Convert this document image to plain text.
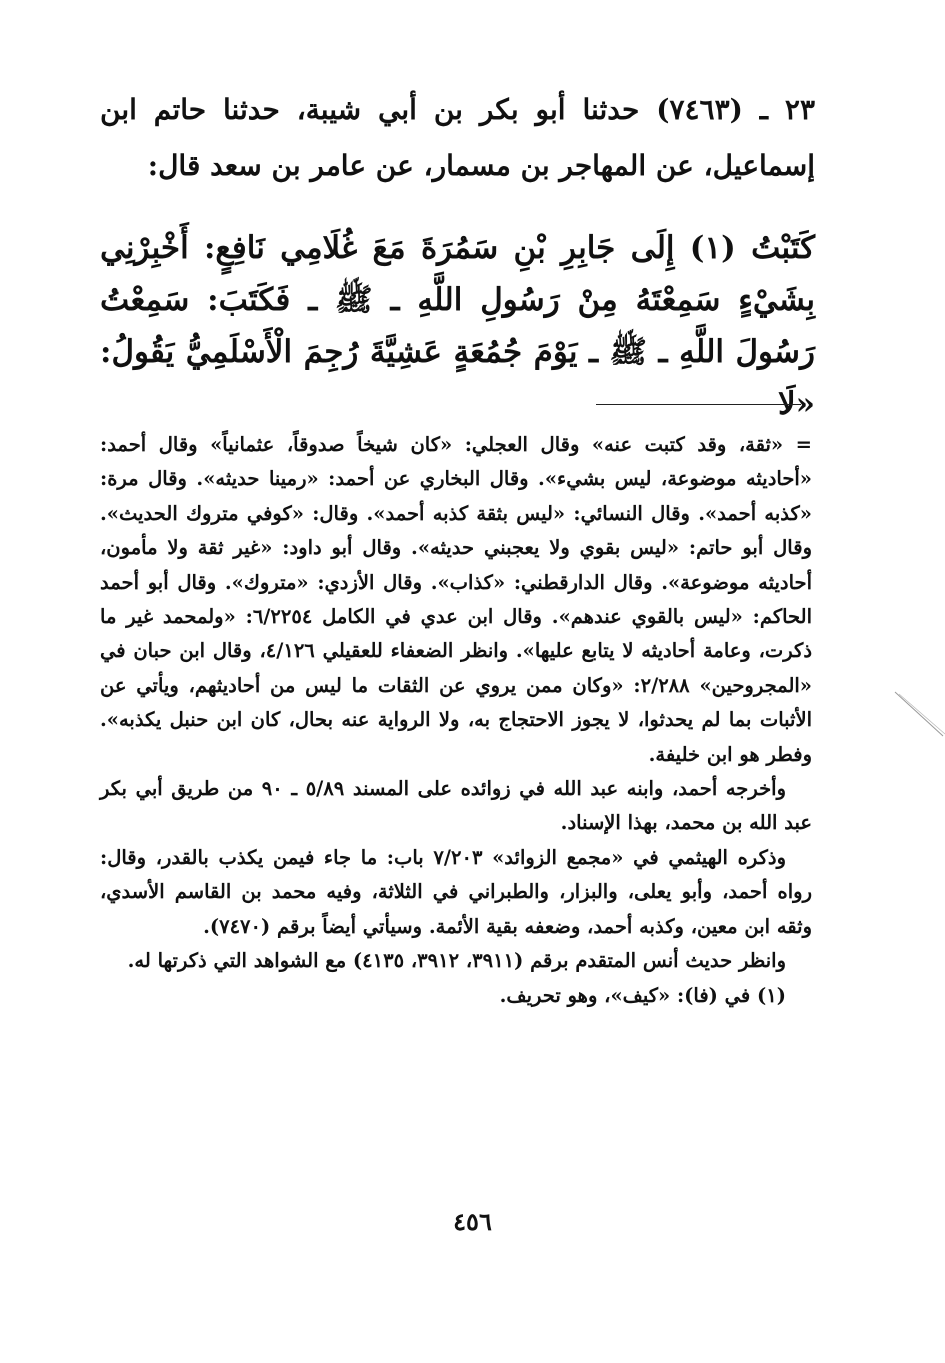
٢٣ ـ (٧٤٦٣) حدثنا أبو بكر بن أبي شيبة، حدثنا حاتم ابن إسماعيل، عن المهاجر بن مسمار، عن عامر بن سعد قال:
كَتَبْتُ (١) إِلَى جَابِرِ بْنِ سَمُرَةَ مَعَ غُلَامِي نَافِعٍ: أَخْبِرْنِي بِشَيْءٍ سَمِعْتَهُ مِنْ رَسُولِ اللَّهِ ـ ﷺ ـ فَكَتَبَ: سَمِعْتُ رَسُولَ اللَّهِ ـ ﷺ ـ يَوْمَ جُمُعَةٍ عَشِيَّةَ رُجِمَ الْأَسْلَمِيُّ يَقُولُ: «لَا

= «ثقة، وقد كتبت عنه» وقال العجلي: «كان شيخاً صدوقاً، عثمانياً» وقال أحمد: «أحاديثه موضوعة، ليس بشيء». وقال البخاري عن أحمد: «رمينا حديثه». وقال مرة: «كذبه أحمد». وقال النسائي: «ليس بثقة كذبه أحمد». وقال: «كوفي متروك الحديث». وقال أبو حاتم: «ليس بقوي ولا يعجبني حديثه». وقال أبو داود: «غير ثقة ولا مأمون، أحاديثه موضوعة». وقال الدارقطني: «كذاب». وقال الأزدي: «متروك». وقال أبو أحمد الحاكم: «ليس بالقوي عندهم». وقال ابن عدي في الكامل ٦/٢٢٥٤: «ولمحمد غير ما ذكرت، وعامة أحاديثه لا يتابع عليها». وانظر الضعفاء للعقيلي ٤/١٢٦، وقال ابن حبان في «المجروحين» ٢/٢٨٨: «وكان ممن يروي عن الثقات ما ليس من أحاديثهم، ويأتي عن الأثبات بما لم يحدثوا، لا يجوز الاحتجاج به، ولا الرواية عنه بحال، كان ابن حنبل يكذبه». وفطر هو ابن خليفة.

وأخرجه أحمد، وابنه عبد الله في زوائده على المسند ٥/٨٩ ـ ٩٠ من طريق أبي بكر عبد الله بن محمد، بهذا الإسناد.

وذكره الهيثمي في «مجمع الزوائد» ٧/٢٠٣ باب: ما جاء فيمن يكذب بالقدر، وقال: رواه أحمد، وأبو يعلى، والبزار، والطبراني في الثلاثة، وفيه محمد بن القاسم الأسدي، وثقه ابن معين، وكذبه أحمد، وضعفه بقية الأئمة. وسيأتي أيضاً برقم (٧٤٧٠).

وانظر حديث أنس المتقدم برقم (٣٩١١، ٣٩١٢، ٤١٣٥) مع الشواهد التي ذكرتها له.

(١) في (فا): «كيف»، وهو تحريف.

٤٥٦
